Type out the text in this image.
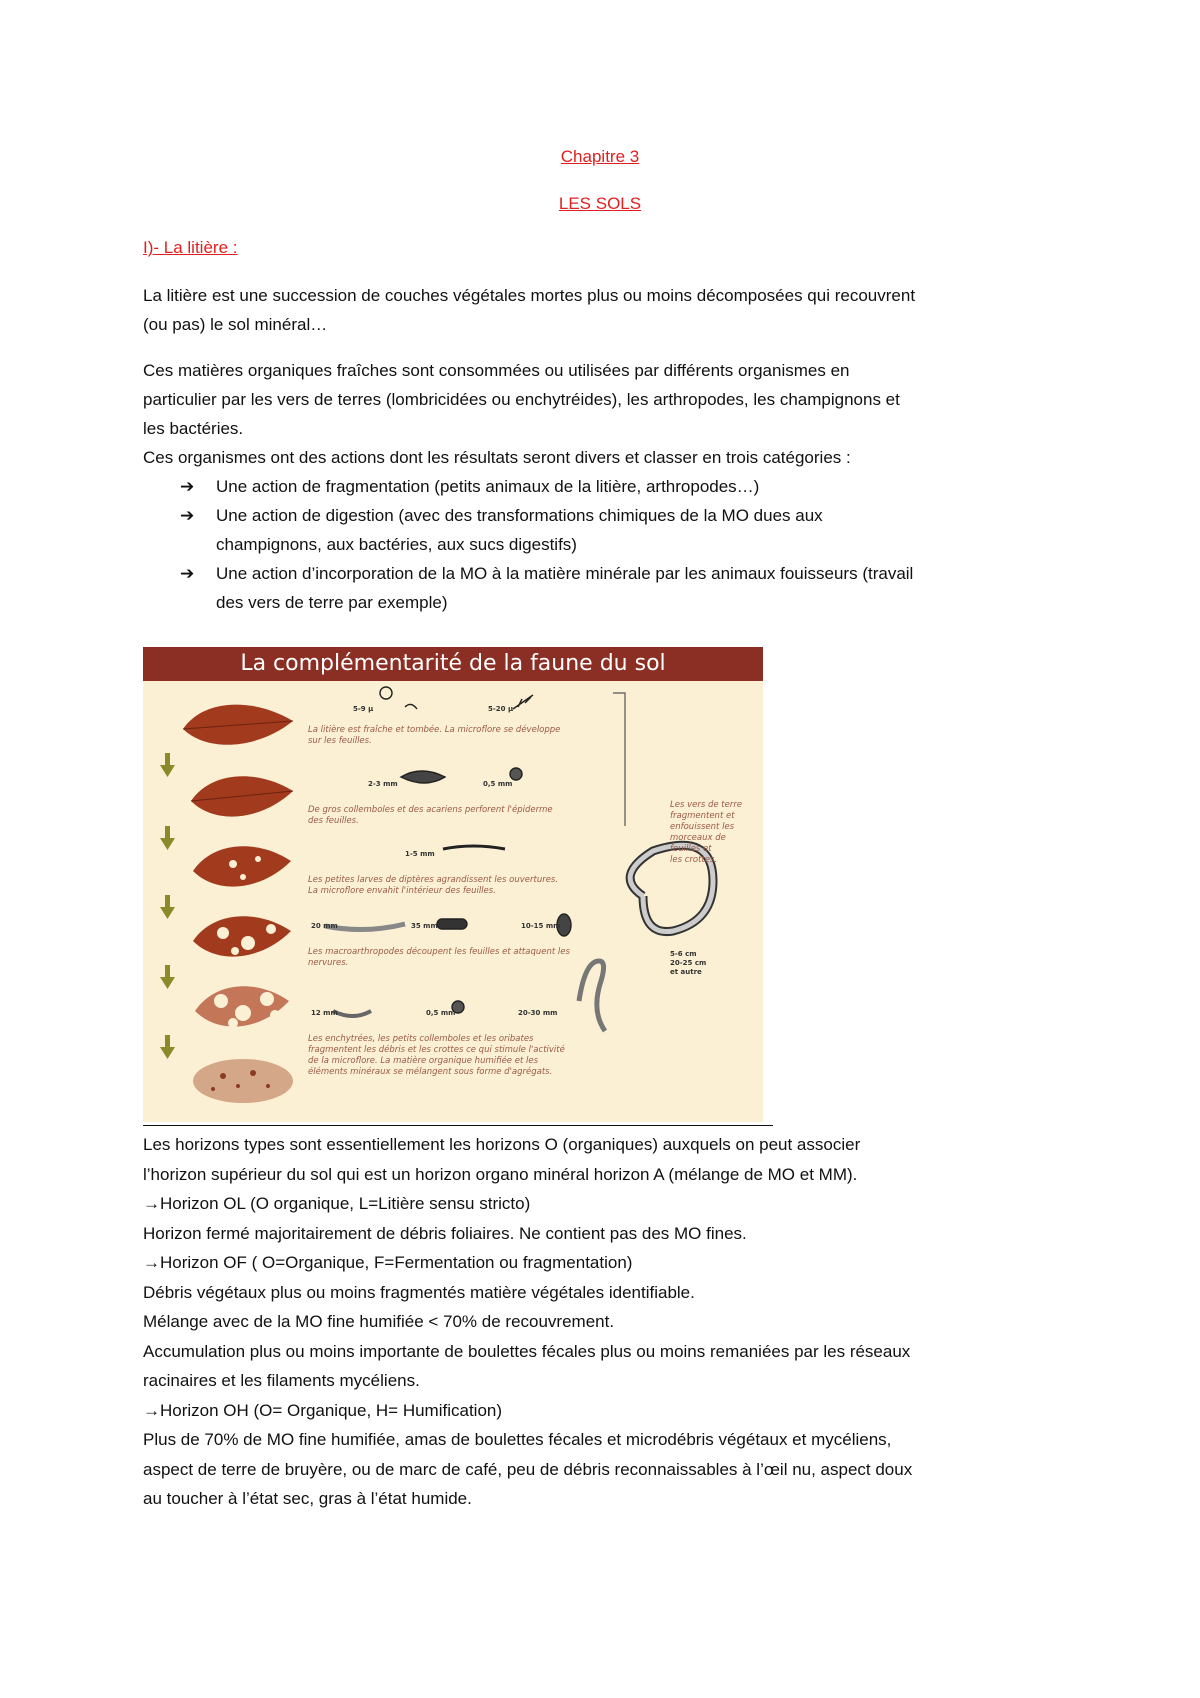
Chapitre 3
LES SOLS
I)- La litière :
La litière est une succession de couches végétales mortes plus ou moins décomposées qui recouvrent
(ou pas) le sol minéral…
Ces matières organiques fraîches sont consommées ou utilisées par différents organismes en
particulier par les vers de terres (lombricidées ou enchytréides), les arthropodes, les champignons et
les bactéries.
Ces organismes ont des actions dont les résultats seront divers et classer en trois catégories :
➔ Une action de fragmentation (petits animaux de la litière, arthropodes…)
➔ Une action de digestion (avec des transformations chimiques de la MO dues aux
champignons, aux bactéries, aux sucs digestifs)
➔ Une action d’incorporation de la MO à la matière minérale par les animaux fouisseurs (travail
des vers de terre par exemple)
La complémentarité de la faune du sol
La litière est fraîche et tombée. La microflore se développe
sur les feuilles.
De gros collemboles et des acariens perforent l'épiderme
des feuilles.
Les petites larves de diptères agrandissent les ouvertures.
La microflore envahit l'intérieur des feuilles.
Les macroarthropodes découpent les feuilles et attaquent les
nervures.
Les enchytrées, les petits collemboles et les oribates
fragmentent les débris et les crottes ce qui stimule l'activité
de la microflore. La matière organique humifiée et les
éléments minéraux se mélangent sous forme d'agrégats.
Les vers de terre
fragmentent et
enfouissent les
morceaux de
feuilles et
les crottes.
5-9 µ	5-20 µ
2-3 mm	0,5 mm
1-5 mm
20 mm	35 mm	10-15 mm
12 mm	0,5 mm	20-30 mm
5-6 cm
20-25 cm
et autre
Les horizons types sont essentiellement les horizons O (organiques) auxquels on peut associer
l’horizon supérieur du sol qui est un horizon organo minéral horizon A (mélange de MO et MM).
→Horizon OL (O organique, L=Litière sensu stricto)
Horizon fermé majoritairement de débris foliaires. Ne contient pas des MO fines.
→Horizon OF ( O=Organique, F=Fermentation ou fragmentation)
Débris végétaux plus ou moins fragmentés matière végétales identifiable.
Mélange avec de la MO fine humifiée < 70% de recouvrement.
Accumulation plus ou moins importante de boulettes fécales plus ou moins remaniées par les réseaux
racinaires et les filaments mycéliens.
→Horizon OH (O= Organique, H= Humification)
Plus de 70% de MO fine humifiée, amas de boulettes fécales et microdébris végétaux et mycéliens,
aspect de terre de bruyère, ou de marc de café, peu de débris reconnaissables à l’œil nu, aspect doux
au toucher à l’état sec, gras à l’état humide.
